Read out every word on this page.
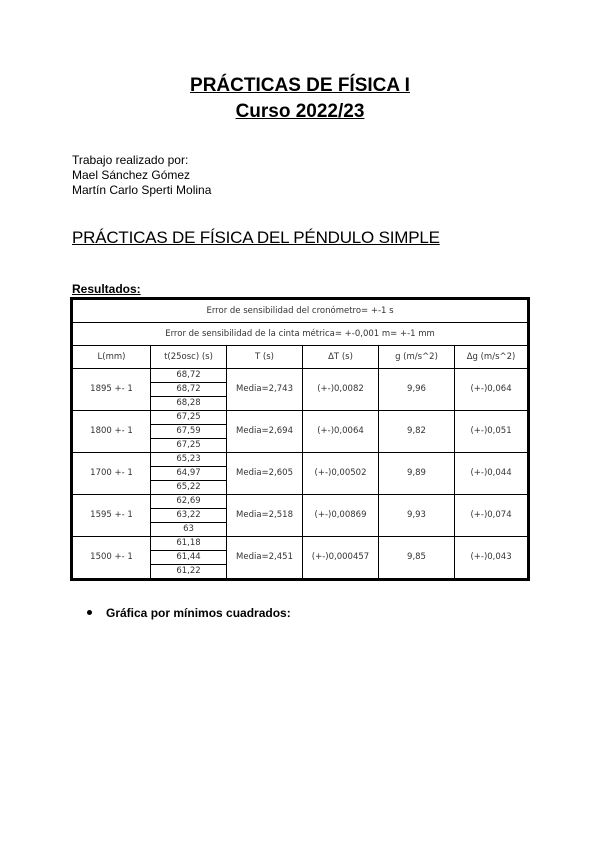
PRÁCTICAS DE FÍSICA I
Curso 2022/23
Trabajo realizado por:
Mael Sánchez Gómez
Martín Carlo Sperti Molina
PRÁCTICAS DE FÍSICA DEL PÉNDULO SIMPLE
Resultados:
Error de sensibilidad del cronómetro= +-1 s					
Error de sensibilidad de la cinta métrica= +-0,001 m= +-1 mm					
L(mm)	t(25osc) (s)	T (s)	ΔT (s)	g (m/s^2)	Δg (m/s^2)
1895 +- 1	68,72	Media=2,743	(+-)0,0082	9,96	(+-)0,064
	68,72				
	68,28				
1800 +- 1	67,25	Media=2,694	(+-)0,0064	9,82	(+-)0,051
	67,59				
	67,25				
1700 +- 1	65,23	Media=2,605	(+-)0,00502	9,89	(+-)0,044
	64,97				
	65,22				
1595 +- 1	62,69	Media=2,518	(+-)0,00869	9,93	(+-)0,074
	63,22				
	63				
1500 +- 1	61,18	Media=2,451	(+-)0,000457	9,85	(+-)0,043
	61,44				
	61,22				
Gráfica por mínimos cuadrados:
